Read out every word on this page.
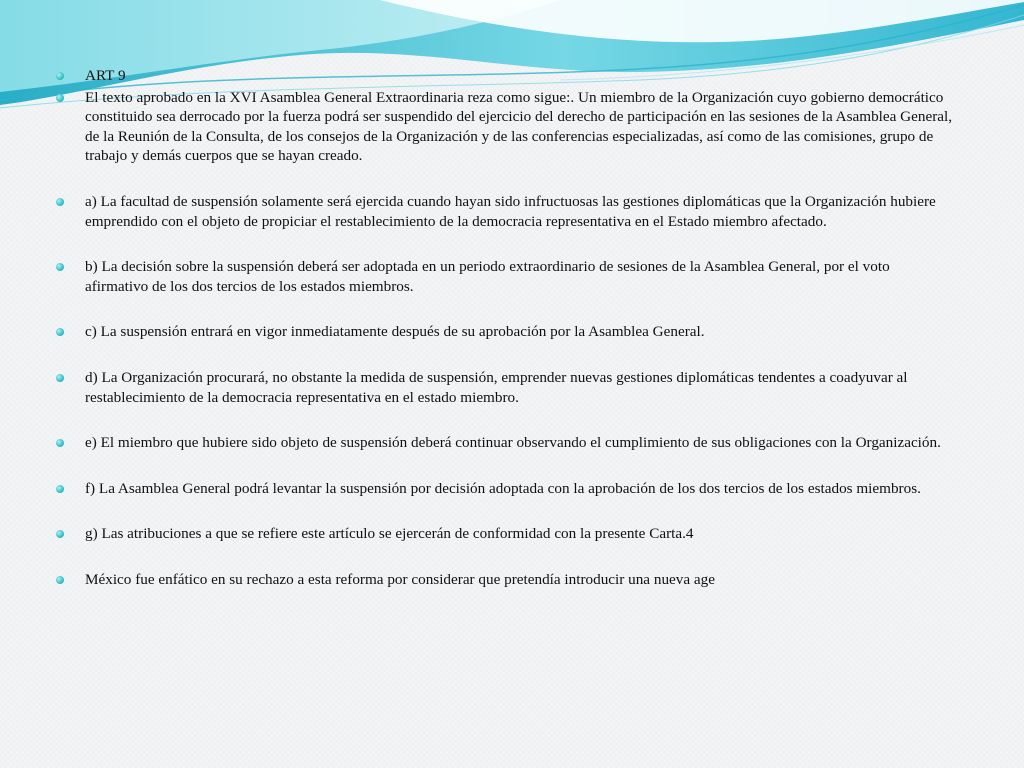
ART 9
El texto aprobado en la XVI Asamblea General Extraordinaria reza como sigue:. Un miembro de la Organización cuyo gobierno democrático constituido sea derrocado por la fuerza podrá ser suspendido del ejercicio del derecho de participación en las sesiones de la Asamblea General, de la Reunión de la Consulta, de los consejos de la Organización y de las conferencias especializadas, así como de las comisiones, grupo de trabajo y demás cuerpos que se hayan creado.
a) La facultad de suspensión solamente será ejercida cuando hayan sido infructuosas las gestiones diplomáticas que la Organización hubiere emprendido con el objeto de propiciar el restablecimiento de la democracia representativa en el Estado miembro afectado.
b) La decisión sobre la suspensión deberá ser adoptada en un periodo extraordinario de sesiones de la Asamblea General, por el voto afirmativo de los dos tercios de los estados miembros.
c) La suspensión entrará en vigor inmediatamente después de su aprobación por la Asamblea General.
d) La Organización procurará, no obstante la medida de suspensión, emprender nuevas gestiones diplomáticas tendentes a coadyuvar al restablecimiento de la democracia representativa en el estado miembro.
e) El miembro que hubiere sido objeto de suspensión deberá continuar observando el cumplimiento de sus obligaciones con la Organización.
f) La Asamblea General podrá levantar la suspensión por decisión adoptada con la aprobación de los dos tercios de los estados miembros.
g) Las atribuciones a que se refiere este artículo se ejercerán de conformidad con la presente Carta.4
México fue enfático en su rechazo a esta reforma por considerar que pretendía introducir una nueva age
